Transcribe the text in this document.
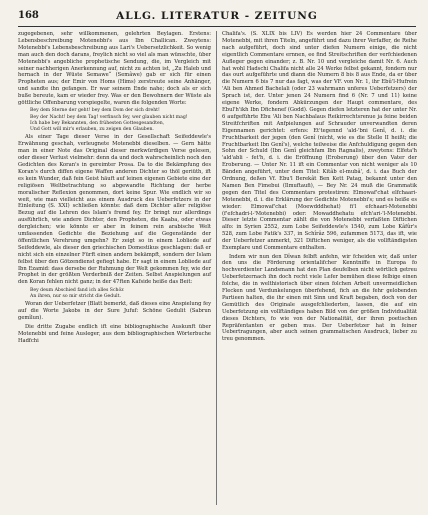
168	ALLG. LITERATUR - ZEITUNG

zugegebenen, sehr willkommenen, gelehrten Beylagen. Erstens: Lebensbeschreibung Motenebbi's aus Ibn Challican. Zweytens: Motenebbi's Lebensbeschreibung aus Lari's Uebersetzlichkeit. So wenig man auch den doch darans, freylich nicht so viel als man wünschte, über Motenebbi's angebliche prophetische Sendung, die, im Vergleich mit seiner nachherigen Anerkennung auf, nicht zu achten ist, „Zu Haleb und hernach in der Wüste Semawe“ (Semâwe) gab er sich für einen Propheten aus; der Emir von Homs (Hims) zerstreute seine Anhänger, und sandte ihn gefangen. Er war seinem Ende nahe; doch als er sich buße bereute, kam er wieder frey. Was er den Bewohnern der Wüste als göttliche Offenbarung vorspiegelte, waren die folgenden Worte:

Bey dem Sterne der geht! bey dem Dom der sich dreht!
Bey der Nacht! bey dem Tag! verfinsch fey, wer glauben nicht mag!
Ich habe bey Bekannten, den frühesten Gottesgesandten,
Und Gott will mir's erlauben, zu zeigen den Glauben.

Als einer Tage dieser Verse in der Gesellschaft Seifeddewle's Erwähnung geschah, verleugnete Motenebbi dieselben. — Gern hätte man in einer Note das Original dieser merkwürdigen Verse gelesen, oder dieser Verlust vielmehr: denn da und doch wahrscheinlich noch den Gedichten des Koran's in gereimter Prosa. Da to die Bekämpfung des Koran's durch diffen eigene Waffen anderen Dichter so thöl geriüth, ift es kein Wunder, daß fein Geist häuft auf leinen eigenen Gebiete eine der religiösen Weltbetrachtung so abgewandte Richtung der herbe moralischer Reflexion genommen, dort keine Spur. Wie endlich wir so weit, wie man vielleicht aus einem Ausdruck des Ueberfetzers in der Einleitung (S. XXI) schließen könnte: daß dem Dichter aller religiöse Bezug auf die Lehren des Islam's fremd fey. Er bringt nur allerdings ausführlich, wie andere Dichter, den Propheten, die Kaaba, oder etwas dergleichen; wie könnte er aber in feinem rein arabische Welt umfassenden Gedichte die Beziehung auf die Gegenstände der öffentlichen Verehrung umgehn? Er zeigt so in einem Lobliede auf Seifeddewle, als dieser den griechischen Domestikus geschlagen: daß er nicht sich ein einzelner Fürft einen andern bekämpft, sondern der Islam felbst über den Götzendienst gefiegt habe. Er sagt in einem Lobliede auf Ibn Ezamid: dass dersebe der Ruhmung der Welt gekommen fey, wie der Prophet in der größten Verderbniß der Zeiten. Selbst Anspielungen auf den Koran fehlen nicht ganz; in der 47ften Kafside heiße das Beit:

Bey deum Abschied fand ich alles Schöz
An ihren, nur so mir stricht die Gedult.

Woran der Ueberfetzer (Blatt bemerkt, daß dieses eine Anspielung fey auf die Worte Jakobs in der Sure Jufuf: Schöne Gedulit (Sabrun gemîlun).

Die dritte Zugabe endlich ift eine bibliographische Auskunft über Motenebbi und feine Ausleger, aus dem bibliographischen Wörterbuche Hadfchi

Chalifa's. (S. XLIX bis LIV) Es werden hier 24 Commentare über Motenebbi, mit ihren Titeln, angeführt und dazu ihrer Verfaffer, de Reihe nach aufgeführt, doch sind unter diefen Numern einige, die nicht eigentlich Commentare ernnen, ee find Streitschriften der verfchiedenen Aufleger gegen einander; z. B. Nr. 10 und vergleiche damit Nr. 6. Auch hat wohl Hadschi Chalifa nicht alle 24 Werke felbst gekannt, fondern nur das ourt aufgeführte und diann die Numern 8 bis 8 aus Ende, da er über die Numern 6 bis 7 nur das fagt, was der VF. von Nr. 1, ihr Ebû'l-Hufrein 'Ali ben Ahmed Bachelali (oder 23 wahrmann unferes Ueberfetzers) der Sprach ist, der. Unter jenen 24 Numern find 6 (Nr. 7 und 11) keine eigene Werke, fondern Abkürzungen der Haupt commentare, des Ebul'h'ikh Ibn Dfichenef (Godd). Gegen diefen letzteren hat der unter Nr. 6 aufgeführte Ebu 'Ali ben Nachbalaus Reikirrechtsrenue ja feine beiden Streitfchriften mit Anfpielungen auf Schrauder unverwandten deren Eigennamen gerichtet: erfens: Et'tegennd 'ald-'bni Genî, d. i. die Fruchtbarkeit der jegen (den Genî (nicht, wie es die Stelle II heißt; die Fruchtbarkeit Ibn Genî's), welche teilweise die Anfchuldigung gegen den Sohn der Schuld (Ibn Genî gleichfam Ibn Ragnalis), zweytens: Elfeta'h 'ald'abli - fet'h, d. i. die Eröffnung (Eroberung) über den Vater der Eroberung. — Unter Nr. 11 ift ein Commentar von nicht weniger als 10 Bänden angeführt, unter dem Titel: Kitâb el-mubâ', d. i. das Buch der Ordnung, deßen Vf. Ebu'l Berekât Ben Kett Patag, bekannt unter den Namen Ben Fimebui (Ilmuftaufi), — Bey Nr. 24 muß die Grammatik gegen den Titel des Commentars protestiren: Elmowaf'chat elfchaari-Motenebbi, d. i. die Erklärung der Gedichte Motenebbi's; und es heiße es wieder: Elmowaf'chat (Moewdddhehat) fi'l efchaari-Motenebbi (f'efchadri-l-'Motenebbi) oder: Mowaddhehatu efch'ari-'l-Motenebbi. Dieser letzte Commentar zählt die von Motenebbi verfaßten Diftichen alfo: in Syrien 2552, zum Lobe Seifeddewle's 1540, zum Lobe Kâfûr's 528, zum Lobe Fatik's 337, in Schîrâz 596, zufammen 5173, das ift, wie der Ueberfetzer anmerkt, 321 Diftichen weniger, als die vollftändigsten Exemplare und Commentare enthalten.

Indem wir nun den Dîwan felbft anfehn, wir fcheiden wir, daß unter den uns die Förderung orientalifcher Kenntniffe in Europa fo hochverdienter Landsmann hat den Plan deufelben nicht wörtlich getreu Ueberfetzernach ihn doch recht viele Lefer bemühen diese felbige einen folche, die in welthistorisch über einen folchen Arbeit unvermeidlichen Flecken und Verdunkelungen überfehend, fich an die fehr gelobenden Partieen halten, die ihr einen mit Sinn und Kraft begaben, doch von der Gemütlich des Originale ausgefchliederten, lassen, die auf ein Ueberfetzung ein vollftändiges haben Bild von der größen Individualität dieses Dichters, fo wie von der Nationalität, der ihren poetischen Repräfentanten er geben mus. Der Ueberfetzer hat in feiner Uebertragungen, aber auch seinen grammatischen Ausdruck, lieber zu treu genommen.
